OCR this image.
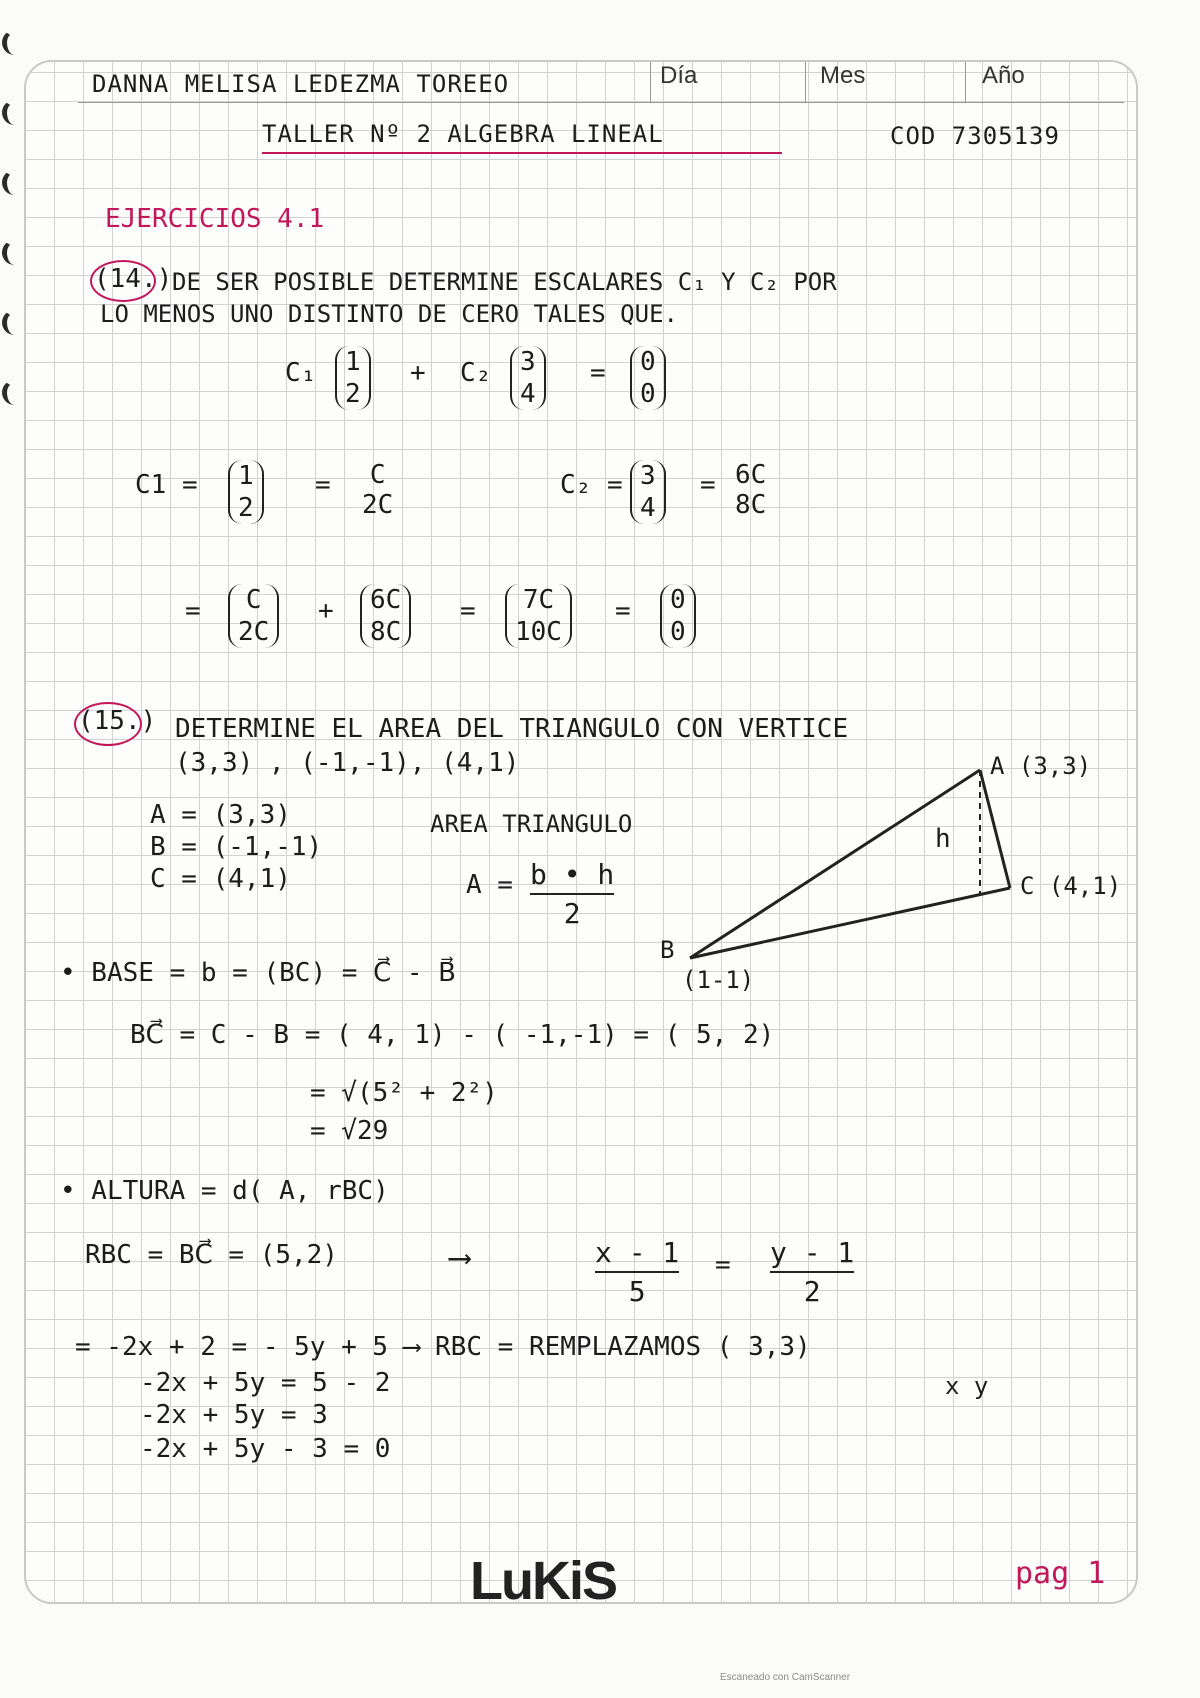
DANNA MELISA LEDEZMA TOREEO	Día	Mes	Año
TALLER Nº 2 ALGEBRA LINEAL	COD 7305139
EJERCICIOS 4.1
(14.) DE SER POSIBLE DETERMINE ESCALARES C₁ Y C₂ POR
LO MENOS UNO DISTINTO DE CERO TALES QUE.
C₁ 1
2
+ C₂ 3
4
= 0
0
C1 = 1
2
= C
2C
C₂ = 3
4
= 6C
8C
= C
2C
+ 6C
8C
= 7C
10C
= 0
0
(15.) DETERMINE EL AREA DEL TRIANGULO CON VERTICE
(3,3) , (-1,-1), (4,1)
A = (3,3)
B = (-1,-1)
C = (4,1)
AREA TRIANGULO
A = b • h
2
A (3,3)
C (4,1)
B
(1-1)
h
• BASE = b = (BC) = C⃗ - B⃗
BC⃗ = C - B = ( 4, 1) - ( -1,-1) = ( 5, 2)
= √(5² + 2²)
= √29
• ALTURA = d( A, rBC)
RBC = BC⃗ = (5,2)	⟶	x - 1
5
= y - 1
2
= -2x + 2 = - 5y + 5 ⟶ RBC = REMPLAZAMOS ( 3,3)
x y
-2x + 5y = 5 - 2
-2x + 5y = 3
-2x + 5y - 3 = 0
pag 1
LuKiS
Escaneado con CamScanner
